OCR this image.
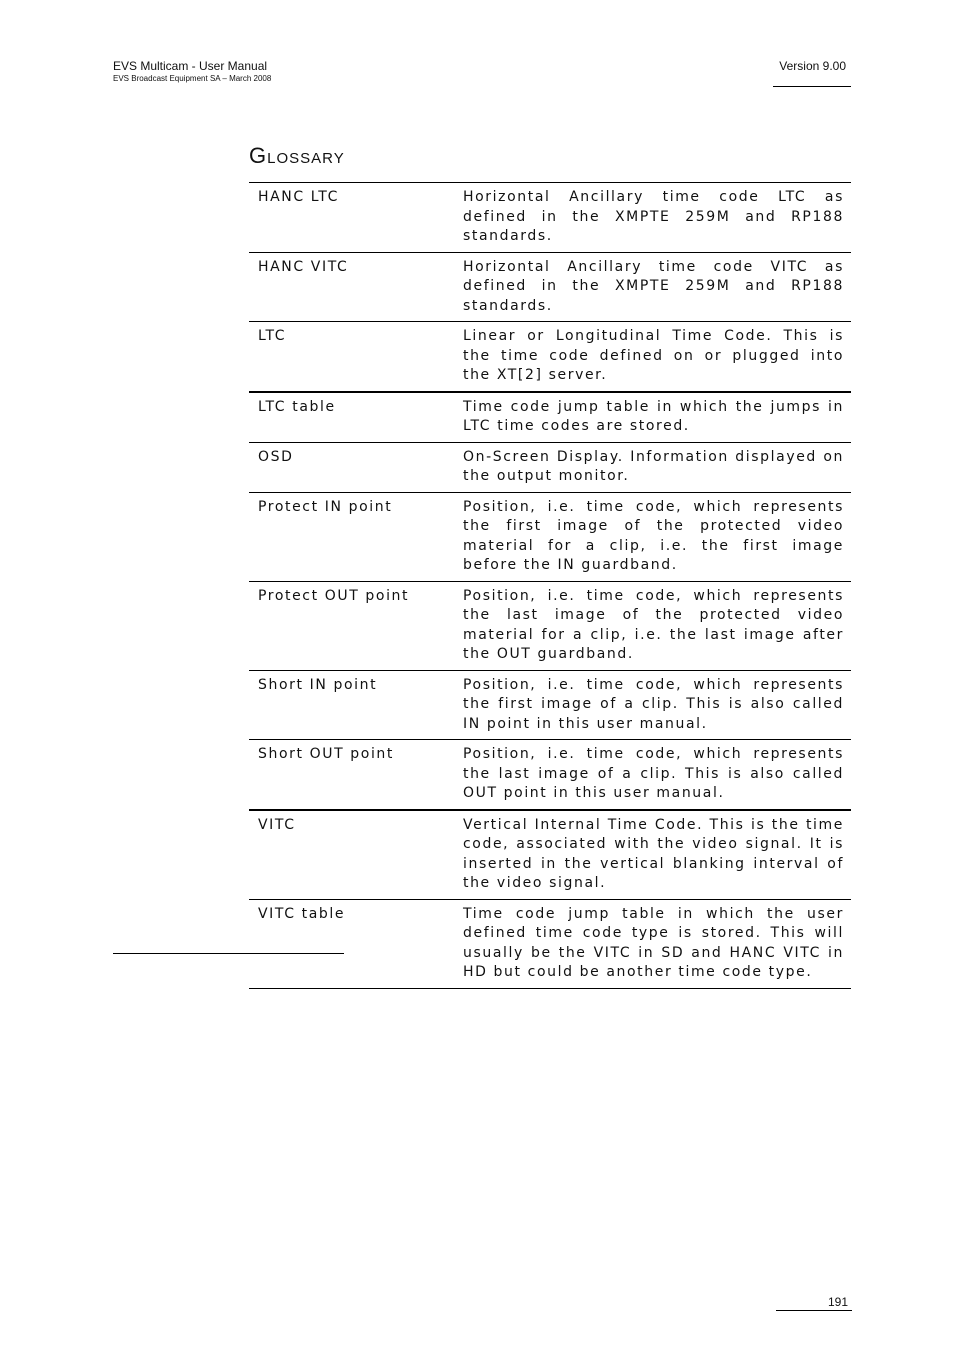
EVS Multicam - User Manual
EVS Broadcast Equipment SA – March 2008
Version 9.00
Glossary
HANC LTC	Horizontal Ancillary time code LTC as defined in the XMPTE 259M and RP188 standards.
HANC VITC	Horizontal Ancillary time code VITC as defined in the XMPTE 259M and RP188 standards.
LTC	Linear or Longitudinal Time Code. This is the time code defined on or plugged into the XT[2] server.
LTC table	Time code jump table in which the jumps in LTC time codes are stored.
OSD	On-Screen Display. Information displayed on the output monitor.
Protect IN point	Position, i.e. time code, which represents the first image of the protected video material for a clip, i.e. the first image before the IN guardband.
Protect OUT point	Position, i.e. time code, which represents the last image of the protected video material for a clip, i.e. the last image after the OUT guardband.
Short IN point	Position, i.e. time code, which represents the first image of a clip. This is also called IN point in this user manual.
Short OUT point	Position, i.e. time code, which represents the last image of a clip. This is also called OUT point in this user manual.
VITC	Vertical Internal Time Code. This is the time code, associated with the video signal. It is inserted in the vertical blanking interval of the video signal.
VITC table	Time code jump table in which the user defined time code type is stored. This will usually be the VITC in SD and HANC VITC in HD but could be another time code type.
191
